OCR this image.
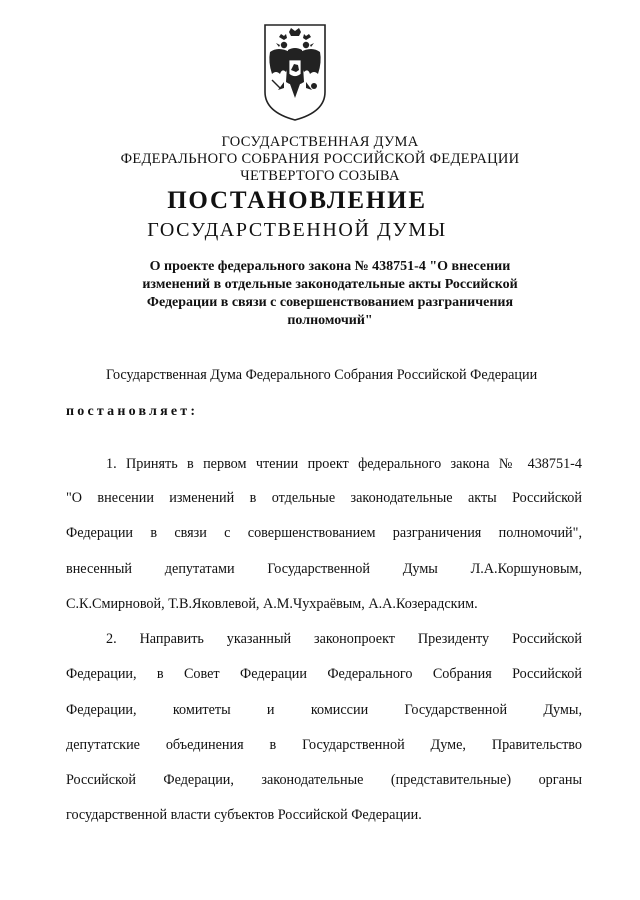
ГОСУДАРСТВЕННАЯ ДУМА
ФЕДЕРАЛЬНОГО СОБРАНИЯ РОССИЙСКОЙ ФЕДЕРАЦИИ
ЧЕТВЕРТОГО СОЗЫВА
ПОСТАНОВЛЕНИЕ
ГОСУДАРСТВЕННОЙ ДУМЫ
О проекте федерального закона № 438751-4 "О внесении
изменений в отдельные законодательные акты Российской
Федерации в связи с совершенствованием разграничения
полномочий"
Государственная Дума Федерального Собрания Российской Федерации
постановляет:
1. Принять в первом чтении проект федерального закона № 438751-4
"О внесении изменений в отдельные законодательные акты Российской
Федерации в связи с совершенствованием разграничения полномочий",
внесенный депутатами Государственной Думы Л.А.Коршуновым,
С.К.Смирновой, Т.В.Яковлевой, А.М.Чухраёвым, А.А.Козерадским.
2. Направить указанный законопроект Президенту Российской
Федерации, в Совет Федерации Федерального Собрания Российской
Федерации, комитеты и комиссии Государственной Думы,
депутатские объединения в Государственной Думе, Правительство
Российской Федерации, законодательные (представительные) органы
государственной власти субъектов Российской Федерации.
